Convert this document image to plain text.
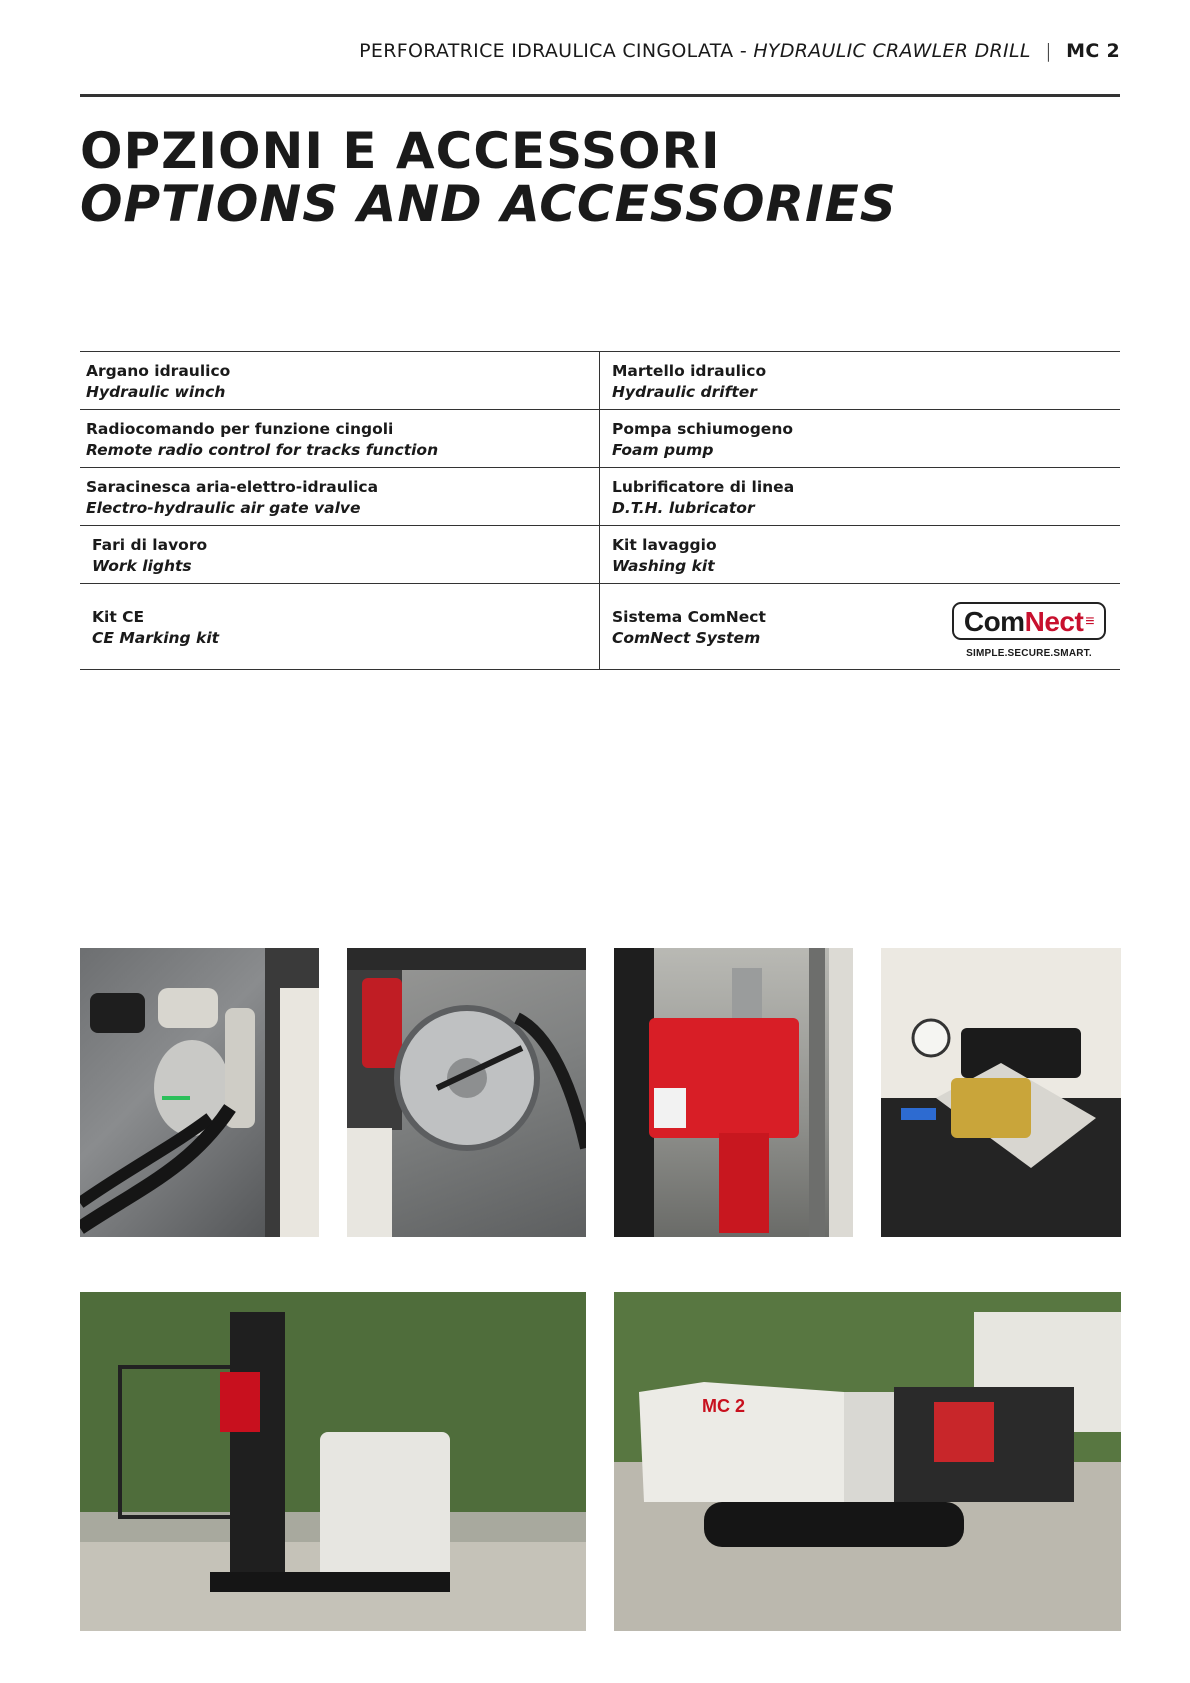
PERFORATRICE IDRAULICA CINGOLATA - HYDRAULIC CRAWLER DRILL | MC 2
OPZIONI E ACCESSORI
OPTIONS AND ACCESSORIES
Argano idraulico
Hydraulic winch
Martello idraulico
Hydraulic drifter
Radiocomando per funzione cingoli
Remote radio control for tracks function
Pompa schiumogeno
Foam pump
Saracinesca aria-elettro-idraulica
Electro-hydraulic air gate valve
Lubrificatore di linea
D.T.H. lubricator
Fari di lavoro
Work lights
Kit lavaggio
Washing kit
Kit CE
CE Marking kit
Sistema ComNect
ComNect System
Com Nect ≡
SIMPLE.SECURE.SMART.
MC 2
